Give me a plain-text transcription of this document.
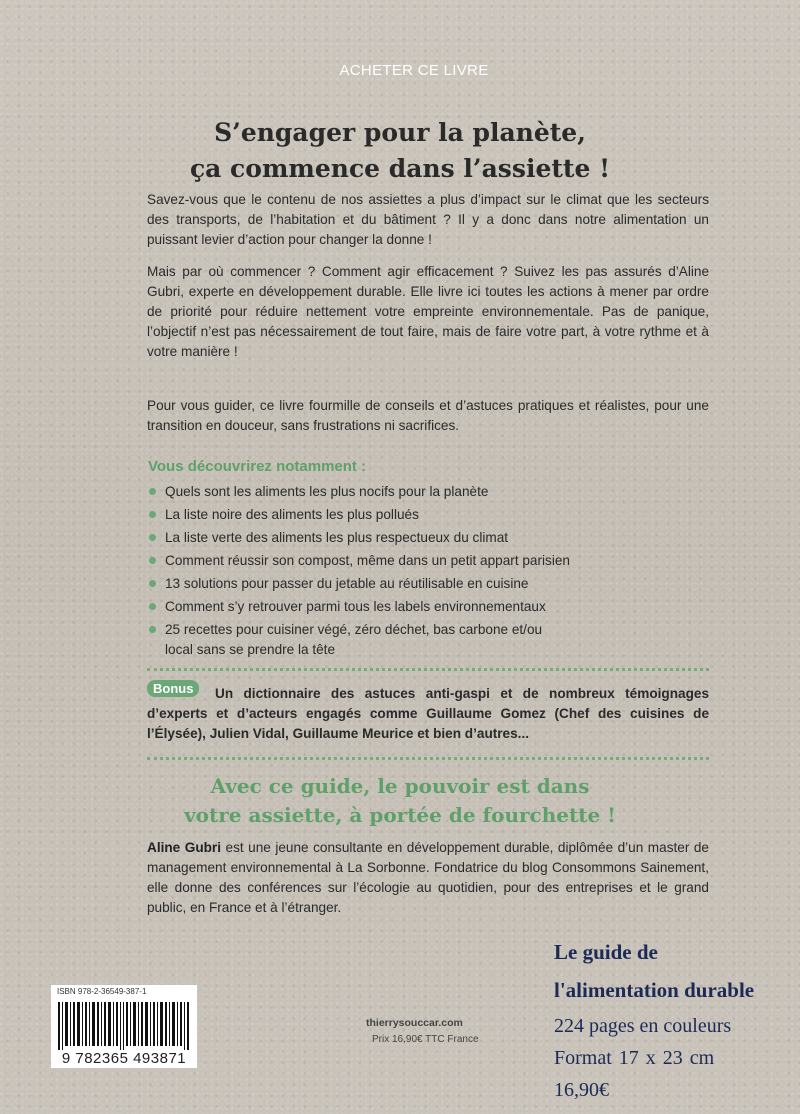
ACHETER CE LIVRE
S’engager pour la planète,
ça commence dans l’assiette !
Savez-vous que le contenu de nos assiettes a plus d’impact sur le climat que les secteurs des transports, de l’habitation et du bâtiment ? Il y a donc dans notre alimentation un puissant levier d’action pour changer la donne !
Mais par où commencer ? Comment agir efficacement ? Suivez les pas assurés d’Aline Gubri, experte en développement durable. Elle livre ici toutes les actions à mener par ordre de priorité pour réduire nettement votre empreinte environnementale. Pas de panique, l’objectif n’est pas nécessairement de tout faire, mais de faire votre part, à votre rythme et à votre manière !
Pour vous guider, ce livre fourmille de conseils et d’astuces pratiques et réalistes, pour une transition en douceur, sans frustrations ni sacrifices.
Vous découvrirez notamment :
Quels sont les aliments les plus nocifs pour la planète
La liste noire des aliments les plus pollués
La liste verte des aliments les plus respectueux du climat
Comment réussir son compost, même dans un petit appart parisien
13 solutions pour passer du jetable au réutilisable en cuisine
Comment s’y retrouver parmi tous les labels environnementaux
25 recettes pour cuisiner végé, zéro déchet, bas carbone et/ou local sans se prendre la tête
Un dictionnaire des astuces anti-gaspi et de nombreux témoignages d’experts et d’acteurs engagés comme Guillaume Gomez (Chef des cuisines de l’Élysée), Julien Vidal, Guillaume Meurice et bien d’autres...
Bonus
Avec ce guide, le pouvoir est dans
votre assiette, à portée de fourchette !
Aline Gubri est une jeune consultante en développement durable, diplômée d’un master de management environnemental à La Sorbonne. Fondatrice du blog Consommons Sainement, elle donne des conférences sur l’écologie au quotidien, pour des entreprises et le grand public, en France et à l’étranger.
Le guide de
l'alimentation durable
224 pages en couleurs
Format 17 x 23 cm
16,90€
ISBN 978-2-36549-387-1
9 782365 493871
thierrysouccar.com
Prix 16,90€ TTC France
